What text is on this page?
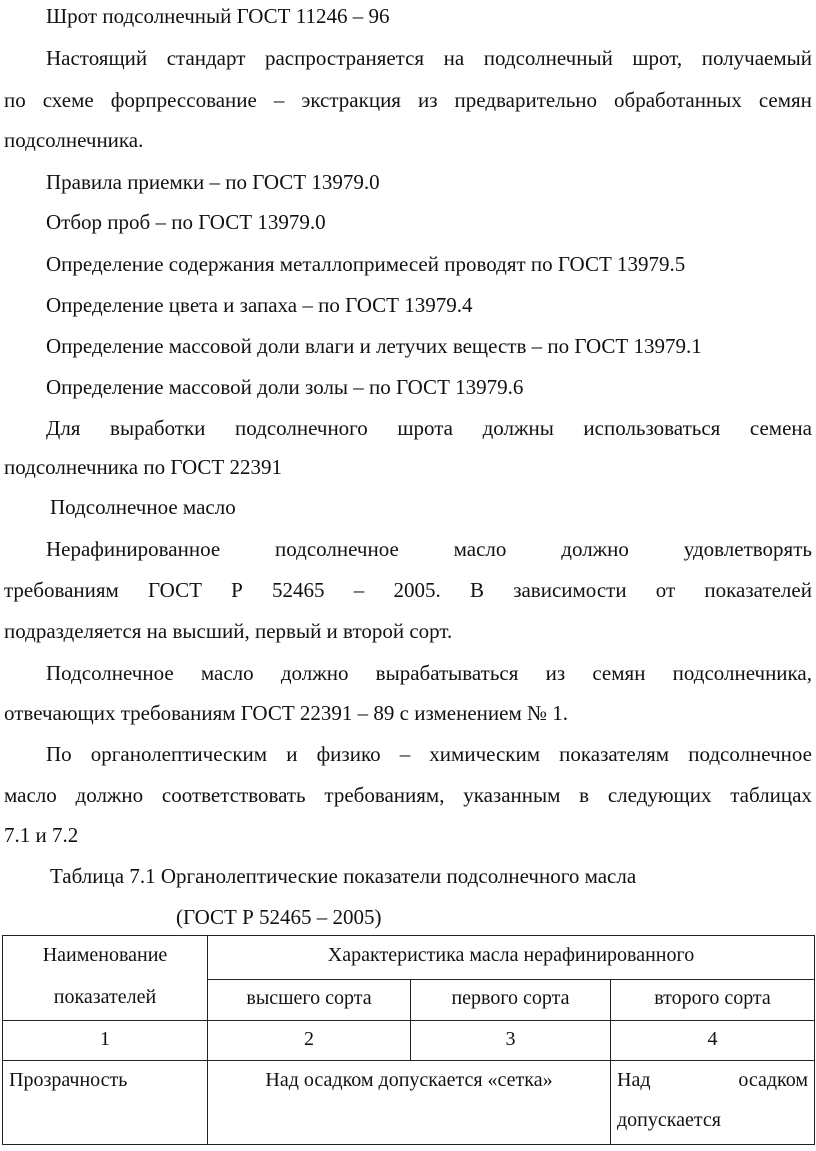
Шрот подсолнечный ГОСТ 11246 – 96
Настоящий стандарт распространяется на подсолнечный шрот, получаемый
по схеме форпрессование – экстракция из предварительно обработанных семян
подсолнечника.
Правила приемки – по ГОСТ 13979.0
Отбор проб – по ГОСТ 13979.0
Определение содержания металлопримесей проводят по ГОСТ 13979.5
Определение цвета и запаха – по ГОСТ 13979.4
Определение массовой доли влаги и летучих веществ – по ГОСТ 13979.1
Определение массовой доли золы – по ГОСТ 13979.6
Для выработки подсолнечного шрота должны использоваться семена
подсолнечника по ГОСТ 22391
Подсолнечное масло
Нерафинированное	подсолнечное	масло	должно	удовлетворять
требованиям ГОСТ Р 52465 – 2005. В зависимости от показателей
подразделяется на высший, первый и второй сорт.
Подсолнечное масло должно вырабатываться из семян подсолнечника,
отвечающих требованиям ГОСТ 22391 – 89 с изменением № 1.
По органолептическим и физико – химическим показателям подсолнечное
масло должно соответствовать требованиям, указанным в следующих таблицах
7.1 и 7.2
Таблица 7.1 Органолептические показатели подсолнечного масла
(ГОСТ Р 52465 – 2005)
Наименование
показателей	Характеристика масла нерафинированного		
	высшего сорта	первого сорта	второго сорта
1	2	3	4
Прозрачность	Над осадком допускается «сетка»		Над осадком
допускается
